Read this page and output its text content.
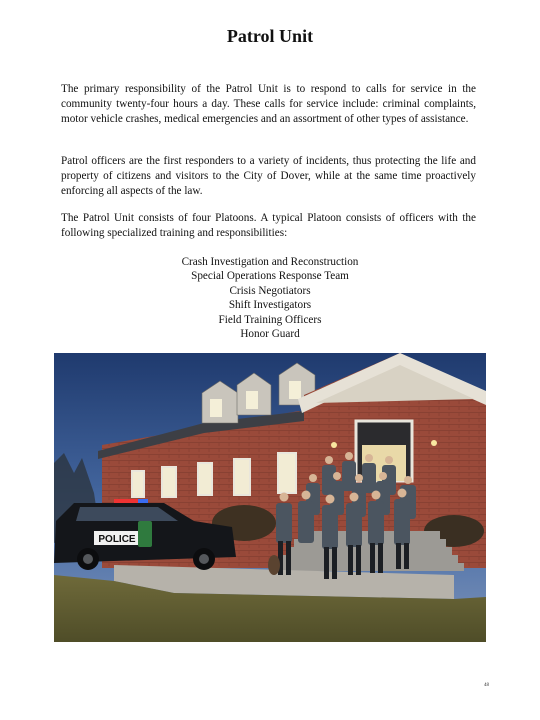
Patrol Unit

The primary responsibility of the Patrol Unit is to respond to calls for service in the community twenty-four hours a day. These calls for service include: criminal complaints, motor vehicle crashes, medical emergencies and an assortment of other types of assistance.

Patrol officers are the first responders to a variety of incidents, thus protecting the life and property of citizens and visitors to the City of Dover, while at the same time proactively enforcing all aspects of the law.

The Patrol Unit consists of four Platoons. A typical Platoon consists of officers with the following specialized training and responsibilities:

Crash Investigation and Reconstruction
Special Operations Response Team
Crisis Negotiators
Shift Investigators
Field Training Officers
Honor Guard
POLICE
48
